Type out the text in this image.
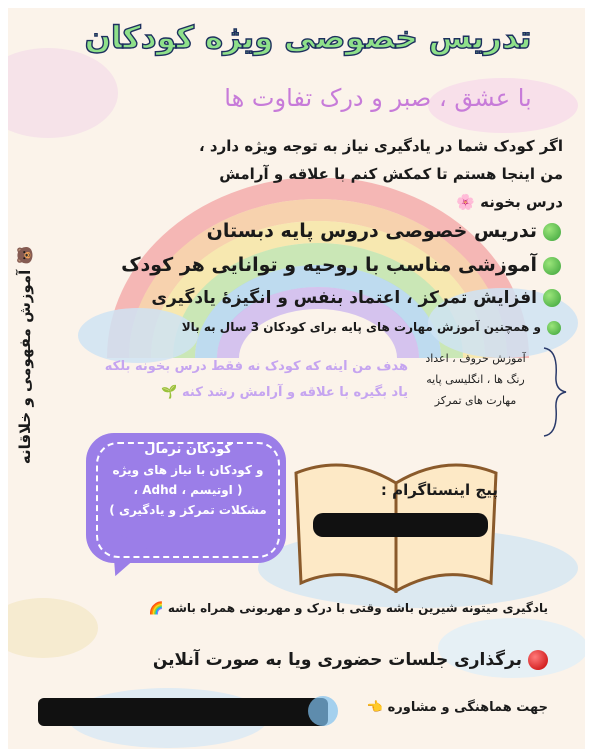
تدریس خصوصی ویژه کودکان
با عشق ، صبر و درک تفاوت ها
اگر کودک شما در یادگیری نیاز به توجه ویژه دارد ،
من اینجا هستم تا کمکش کنم با علاقه و آرامش درس بخونه 🌸
تدریس خصوصی دروس پایه دبستان
آموزشی مناسب با روحیه و توانایی هر کودک
افزایش تمرکز ، اعتماد بنفس و انگیزهٔ یادگیری
و همچنین آموزش مهارت های پایه برای کودکان 3 سال به بالا
هدف من اینه که کودک نه فقط درس بخونه بلکه
یاد بگیره با علاقه و آرامش رشد کنه 🌱
آموزش حروف ، اعداد
رنگ ها ، انگلیسی پایه
مهارت های تمرکز
آموزش مفهومی و خلاقانه 🐻
کودکان نرمال
و کودکان با نیاز های ویژه
( اوتیسم ، Adhd ،
مشکلات تمرکز و یادگیری )
پیج اینستاگرام :
یادگیری میتونه شیرین باشه وقتی با درک و مهربونی همراه باشه 🌈
برگذاری جلسات حضوری ویا به صورت آنلاین
جهت هماهنگی و مشاوره 👈
